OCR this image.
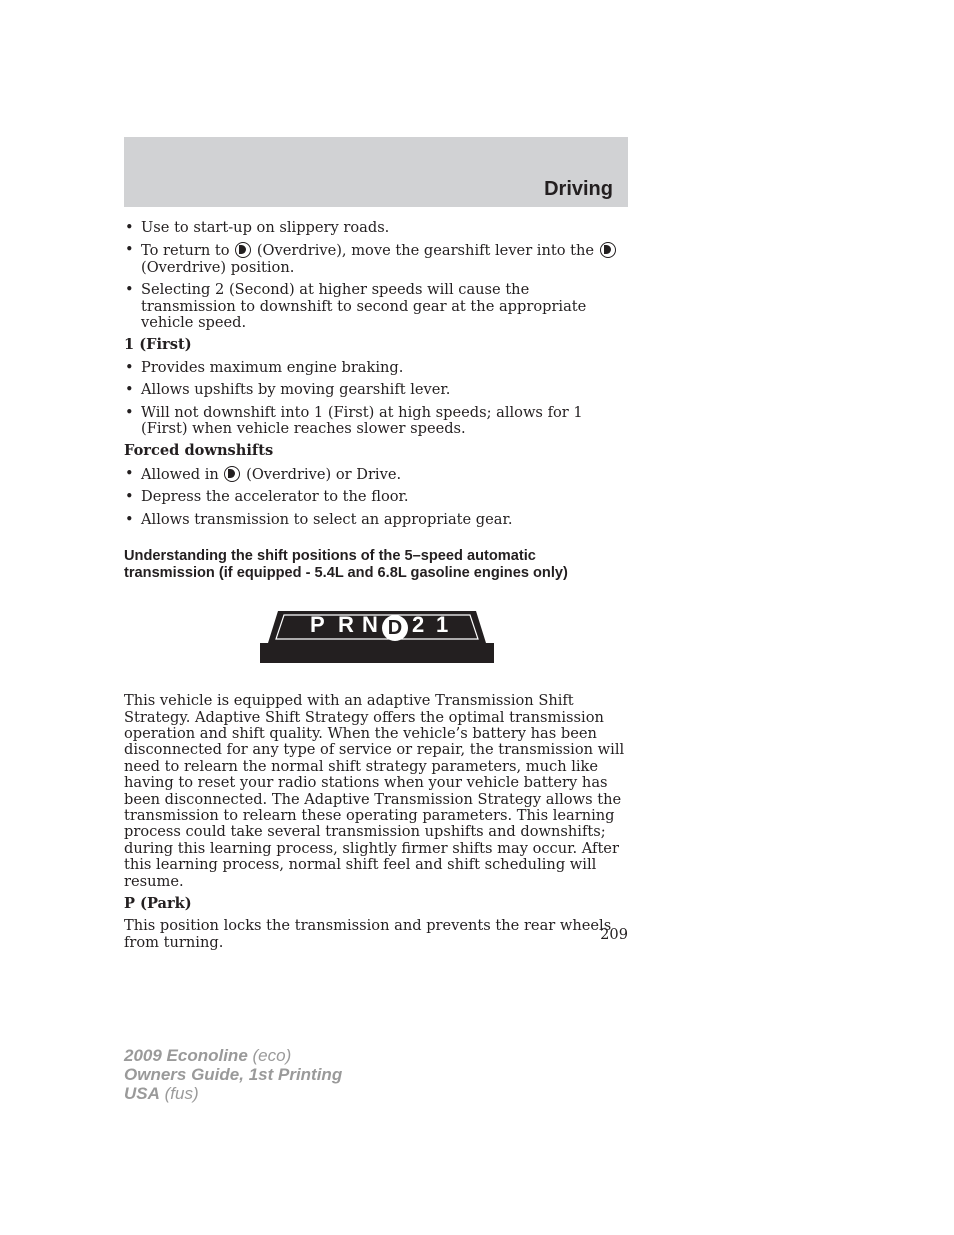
Driving
• Use to start-up on slippery roads.
• To return to  (Overdrive), move the gearshift lever into the  (Overdrive) position.
• Selecting 2 (Second) at higher speeds will cause the transmission to downshift to second gear at the appropriate vehicle speed.
1 (First)
• Provides maximum engine braking.
• Allows upshifts by moving gearshift lever.
• Will not downshift into 1 (First) at high speeds; allows for 1 (First) when vehicle reaches slower speeds.
Forced downshifts
• Allowed in  (Overdrive) or Drive.
• Depress the accelerator to the floor.
• Allows transmission to select an appropriate gear.
Understanding the shift positions of the 5–speed automatic transmission (if equipped - 5.4L and 6.8L gasoline engines only)
P R N D 2 1

This vehicle is equipped with an adaptive Transmission Shift Strategy. Adaptive Shift Strategy offers the optimal transmission operation and shift quality. When the vehicle’s battery has been disconnected for any type of service or repair, the transmission will need to relearn the normal shift strategy parameters, much like having to reset your radio stations when your vehicle battery has been disconnected. The Adaptive Transmission Strategy allows the transmission to relearn these operating parameters. This learning process could take several transmission upshifts and downshifts; during this learning process, slightly firmer shifts may occur. After this learning process, normal shift feel and shift scheduling will resume.

P (Park)

This position locks the transmission and prevents the rear wheels from turning.	209
2009 Econoline (eco)
Owners Guide, 1st Printing
USA (fus)
